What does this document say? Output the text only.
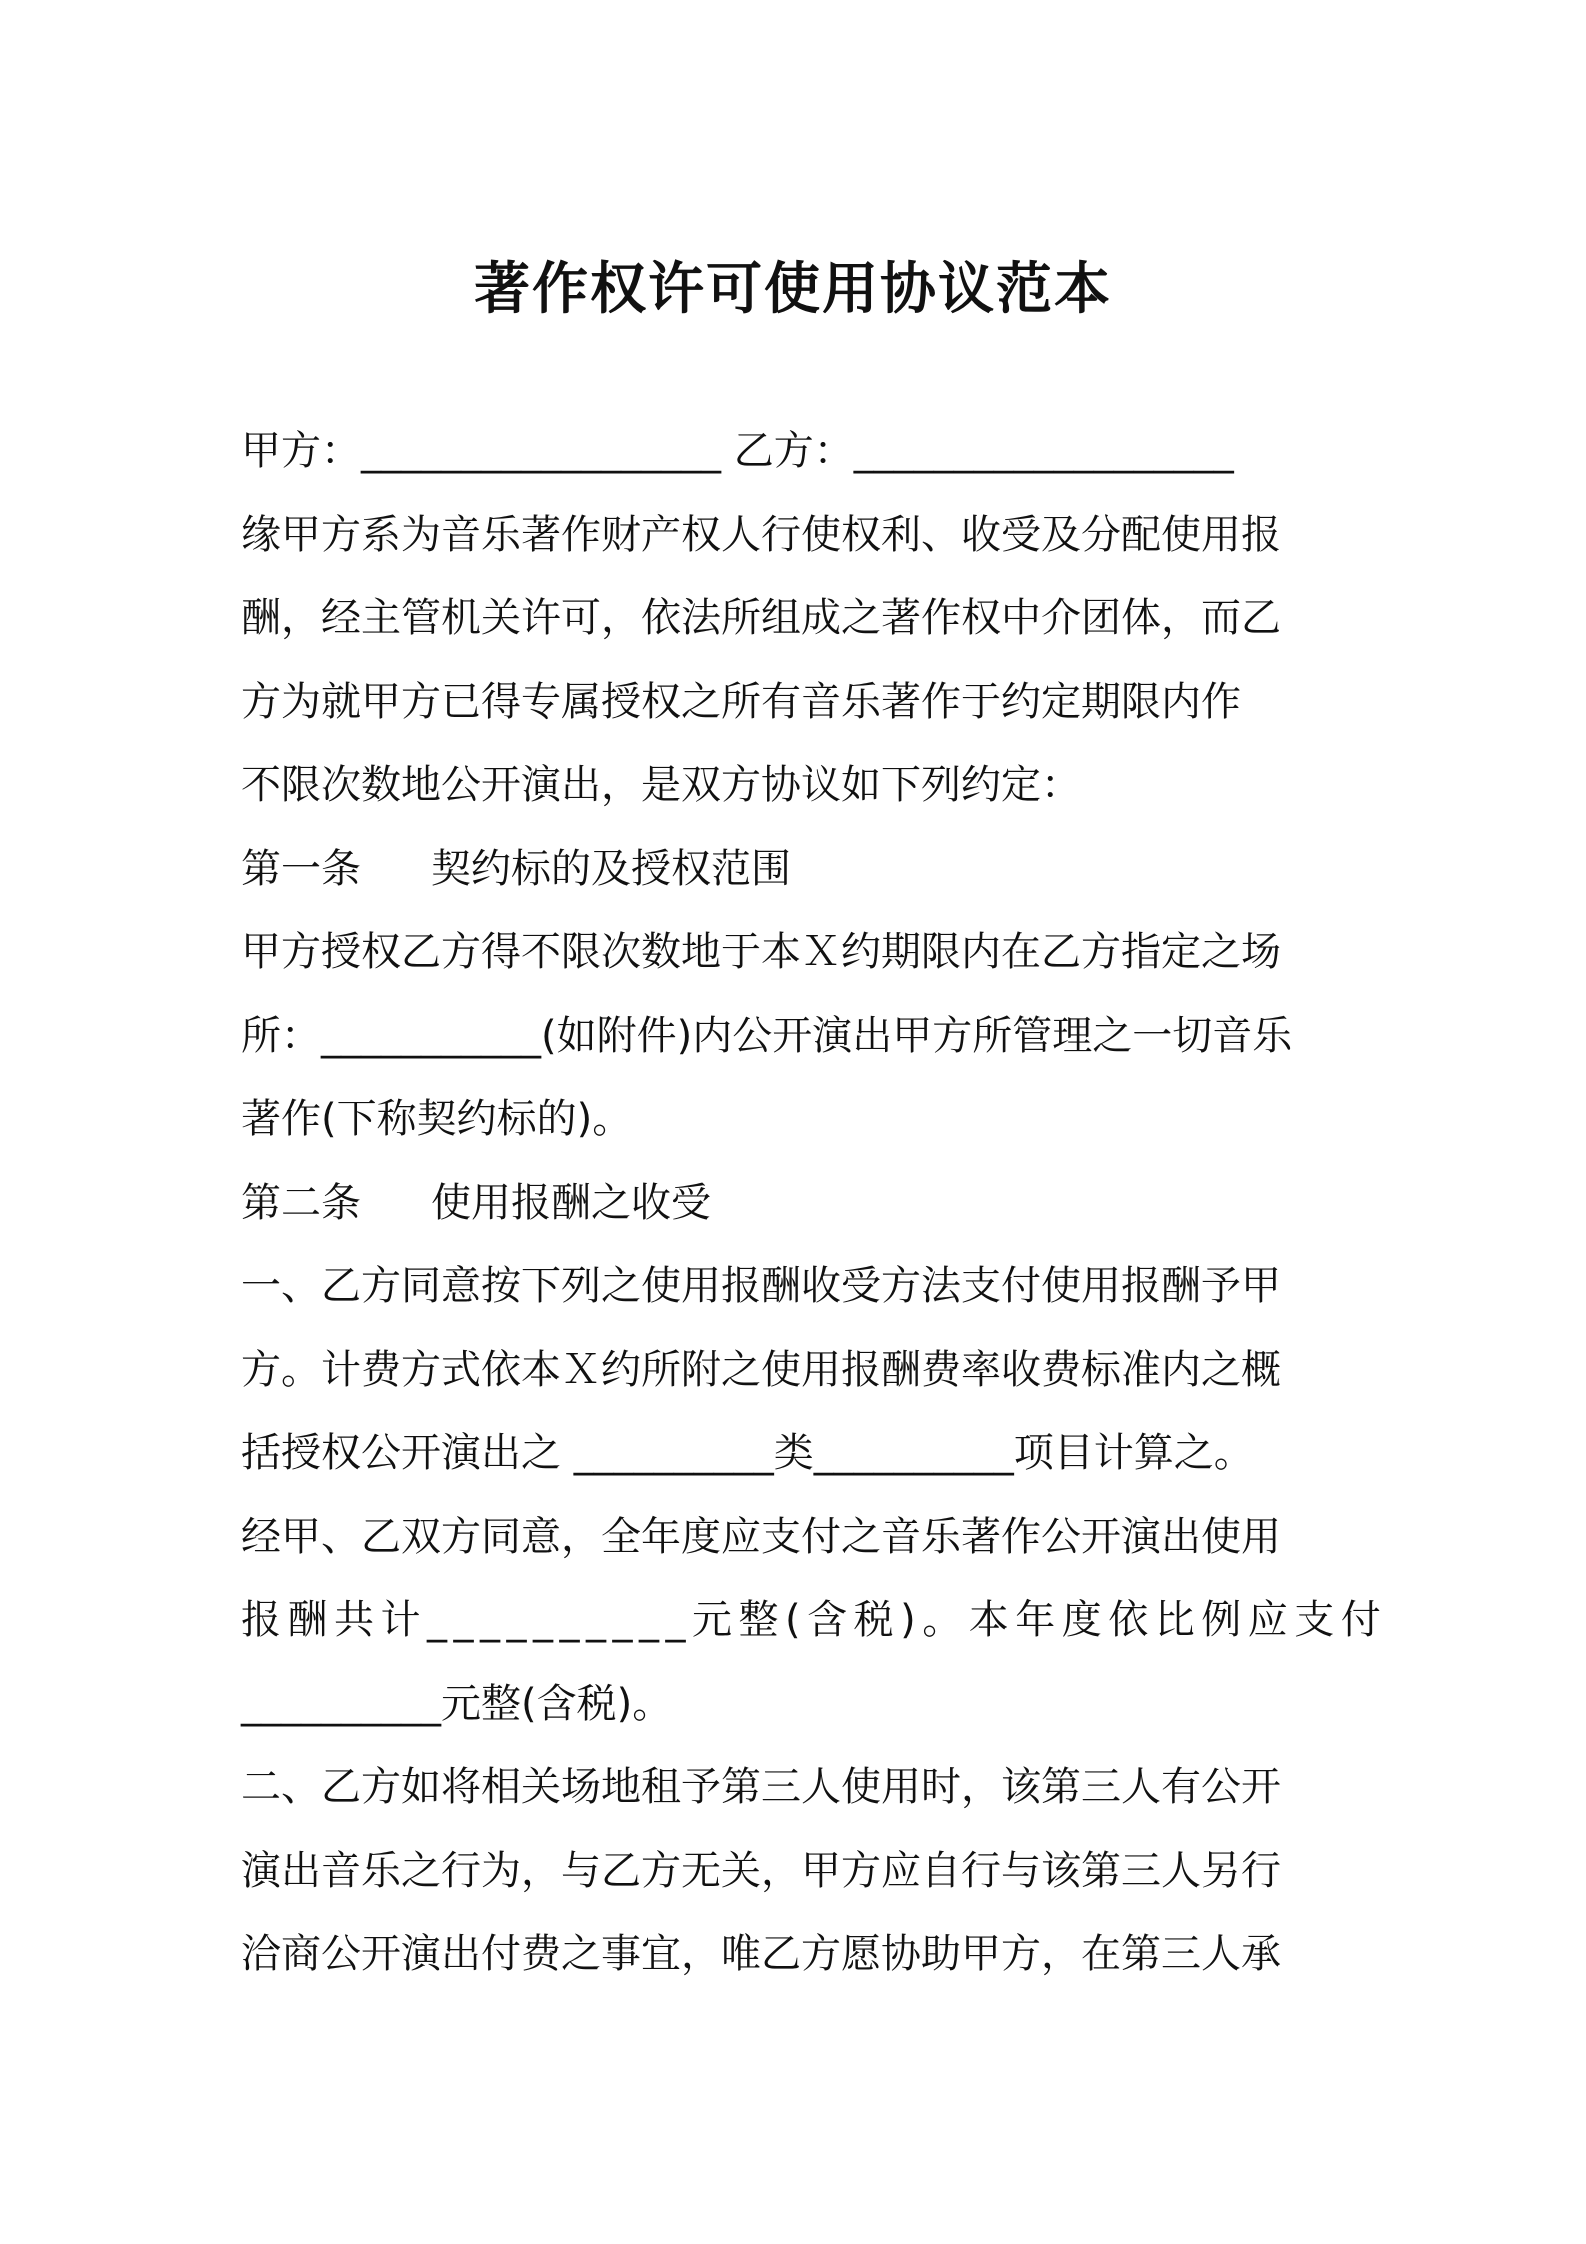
著作权许可使用协议范本
甲方：__________________ 乙方：___________________
缘甲方系为音乐著作财产权人行使权利、收受及分配使用报
酬，经主管机关许可，依法所组成之著作权中介团体，而乙
方为就甲方已得专属授权之所有音乐著作于约定期限内作
不限次数地公开演出，是双方协议如下列约定：
第一条 契约标的及授权范围
甲方授权乙方得不限次数地于本Ｘ约期限内在乙方指定之场
所：___________(如附件)内公开演出甲方所管理之一切音乐
著作(下称契约标的)。
第二条 使用报酬之收受
一、乙方同意按下列之使用报酬收受方法支付使用报酬予甲
方。计费方式依本Ｘ约所附之使用报酬费率收费标准内之概
括授权公开演出之 __________类__________项目计算之。
经甲、乙双方同意，全年度应支付之音乐著作公开演出使用
报酬共计__________元整(含税)。本年度依比例应支付
__________元整(含税)。
二、乙方如将相关场地租予第三人使用时，该第三人有公开
演出音乐之行为，与乙方无关，甲方应自行与该第三人另行
洽商公开演出付费之事宜，唯乙方愿协助甲方，在第三人承
